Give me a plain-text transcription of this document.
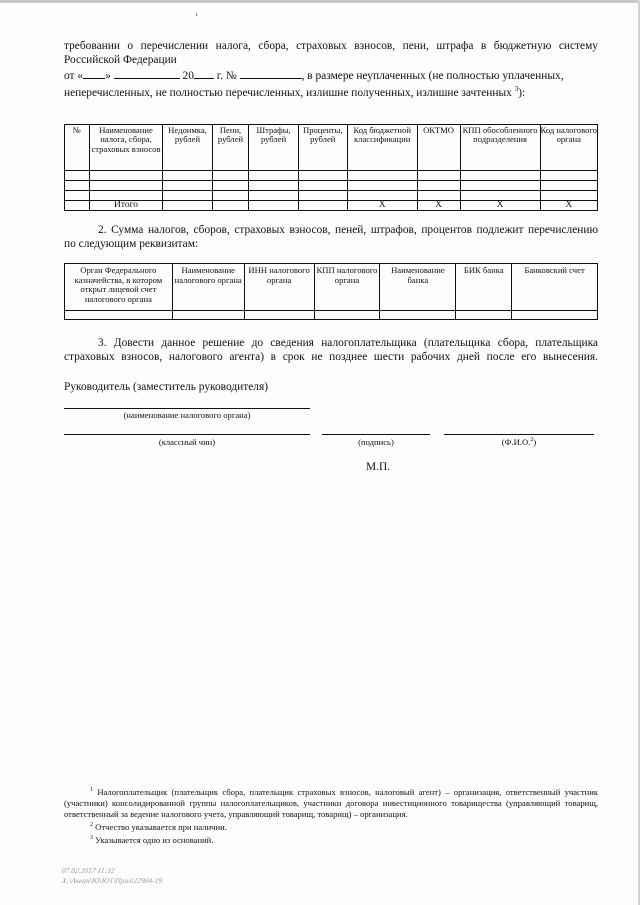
требовании о перечислении налога, сбора, страховых взносов, пени, штрафа в бюджетную систему
Российской Федерации
от « »	20 г. №	, в размере неуплаченных (не полностью уплаченных,
неперечисленных, не полностью перечисленных, излишне полученных, излишне зачтенных $^3$):
№	Наименование налога, сбора, страховых взносов	Недоимка, рублей	Пени, рублей	Штрафы, рублей	Проценты, рублей	Код бюджетной классификации	ОКТМО	КПП обособленного подразделения	Код налогового органа

	Итого					X	X	X	X
2. Сумма налогов, сборов, страховых взносов, пеней, штрафов, процентов подлежит перечислению
по следующим реквизитам:
Орган Федерального казначейства, в котором открыт лицевой счет налогового органа	Наименование налогового органа	ИНН налогового органа	КПП налогового органа	Наименование банка	БИК банка	Банковский счет

3. Довести данное решение до сведения налогоплательщика (плательщика сбора, плательщика
страховых взносов, налогового агента) в срок не позднее шести рабочих дней после его вынесения.
Руководитель (заместитель руководителя)
(наименование налогового органа)
(классный чин)	(подпись)	(Ф.И.О.$^2$)
М.П.

$^1$ Налогоплательщик (плательщик сбора, плательщик страховых взносов, налоговый агент) – организация, ответственный участник (участники) консолидированной группы налогоплательщиков, участники договора инвестиционного товарищества (управляющий товарищ, ответственный за ведение налогового учета, управляющий товарищ, товарищ) – организация.

$^2$ Отчество указывается при наличии.

$^3$ Указывается одно из оснований.

07.02.2017 11:32
Х:\Акеан\Ю\Ю1\Прил\22904-19
